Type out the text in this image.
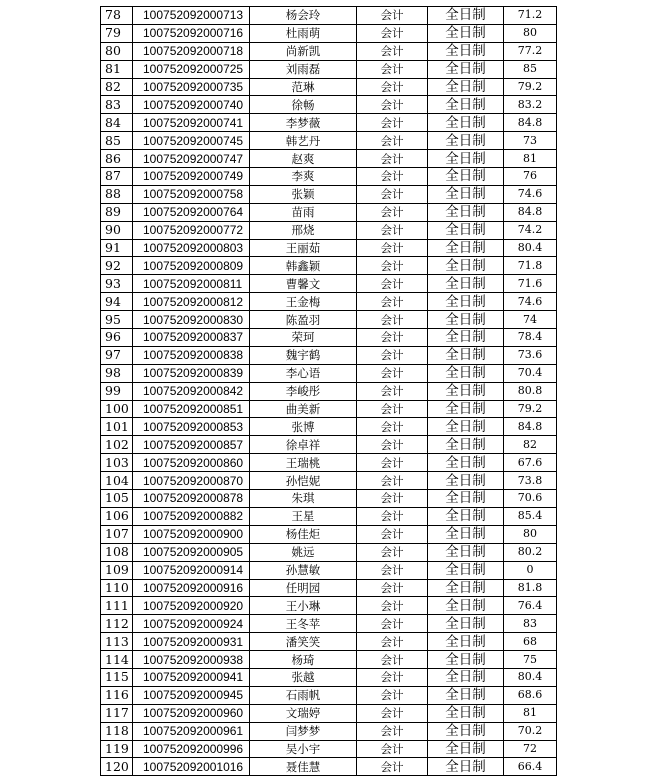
78	100752092000713	杨会玲	会计	全日制	71.2
79	100752092000716	杜雨萌	会计	全日制	80
80	100752092000718	尚新凯	会计	全日制	77.2
81	100752092000725	刘雨磊	会计	全日制	85
82	100752092000735	范琳	会计	全日制	79.2
83	100752092000740	徐畅	会计	全日制	83.2
84	100752092000741	李梦薇	会计	全日制	84.8
85	100752092000745	韩艺丹	会计	全日制	73
86	100752092000747	赵爽	会计	全日制	81
87	100752092000749	李爽	会计	全日制	76
88	100752092000758	张颖	会计	全日制	74.6
89	100752092000764	苗雨	会计	全日制	84.8
90	100752092000772	邢烧	会计	全日制	74.2
91	100752092000803	王丽茹	会计	全日制	80.4
92	100752092000809	韩鑫颖	会计	全日制	71.8
93	100752092000811	曹馨文	会计	全日制	71.6
94	100752092000812	王金梅	会计	全日制	74.6
95	100752092000830	陈盈羽	会计	全日制	74
96	100752092000837	荣珂	会计	全日制	78.4
97	100752092000838	魏宇鹤	会计	全日制	73.6
98	100752092000839	李心语	会计	全日制	70.4
99	100752092000842	李峻彤	会计	全日制	80.8
100	100752092000851	曲美新	会计	全日制	79.2
101	100752092000853	张博	会计	全日制	84.8
102	100752092000857	徐卓祥	会计	全日制	82
103	100752092000860	王瑞桃	会计	全日制	67.6
104	100752092000870	孙恺妮	会计	全日制	73.8
105	100752092000878	朱琪	会计	全日制	70.6
106	100752092000882	王星	会计	全日制	85.4
107	100752092000900	杨佳炬	会计	全日制	80
108	100752092000905	姚远	会计	全日制	80.2
109	100752092000914	孙慧敏	会计	全日制	0
110	100752092000916	任明园	会计	全日制	81.8
111	100752092000920	王小琳	会计	全日制	76.4
112	100752092000924	王冬苹	会计	全日制	83
113	100752092000931	潘笑笑	会计	全日制	68
114	100752092000938	杨琦	会计	全日制	75
115	100752092000941	张越	会计	全日制	80.4
116	100752092000945	石雨帆	会计	全日制	68.6
117	100752092000960	文瑞婷	会计	全日制	81
118	100752092000961	闫梦梦	会计	全日制	70.2
119	100752092000996	吴小宇	会计	全日制	72
120	100752092001016	聂佳慧	会计	全日制	66.4
